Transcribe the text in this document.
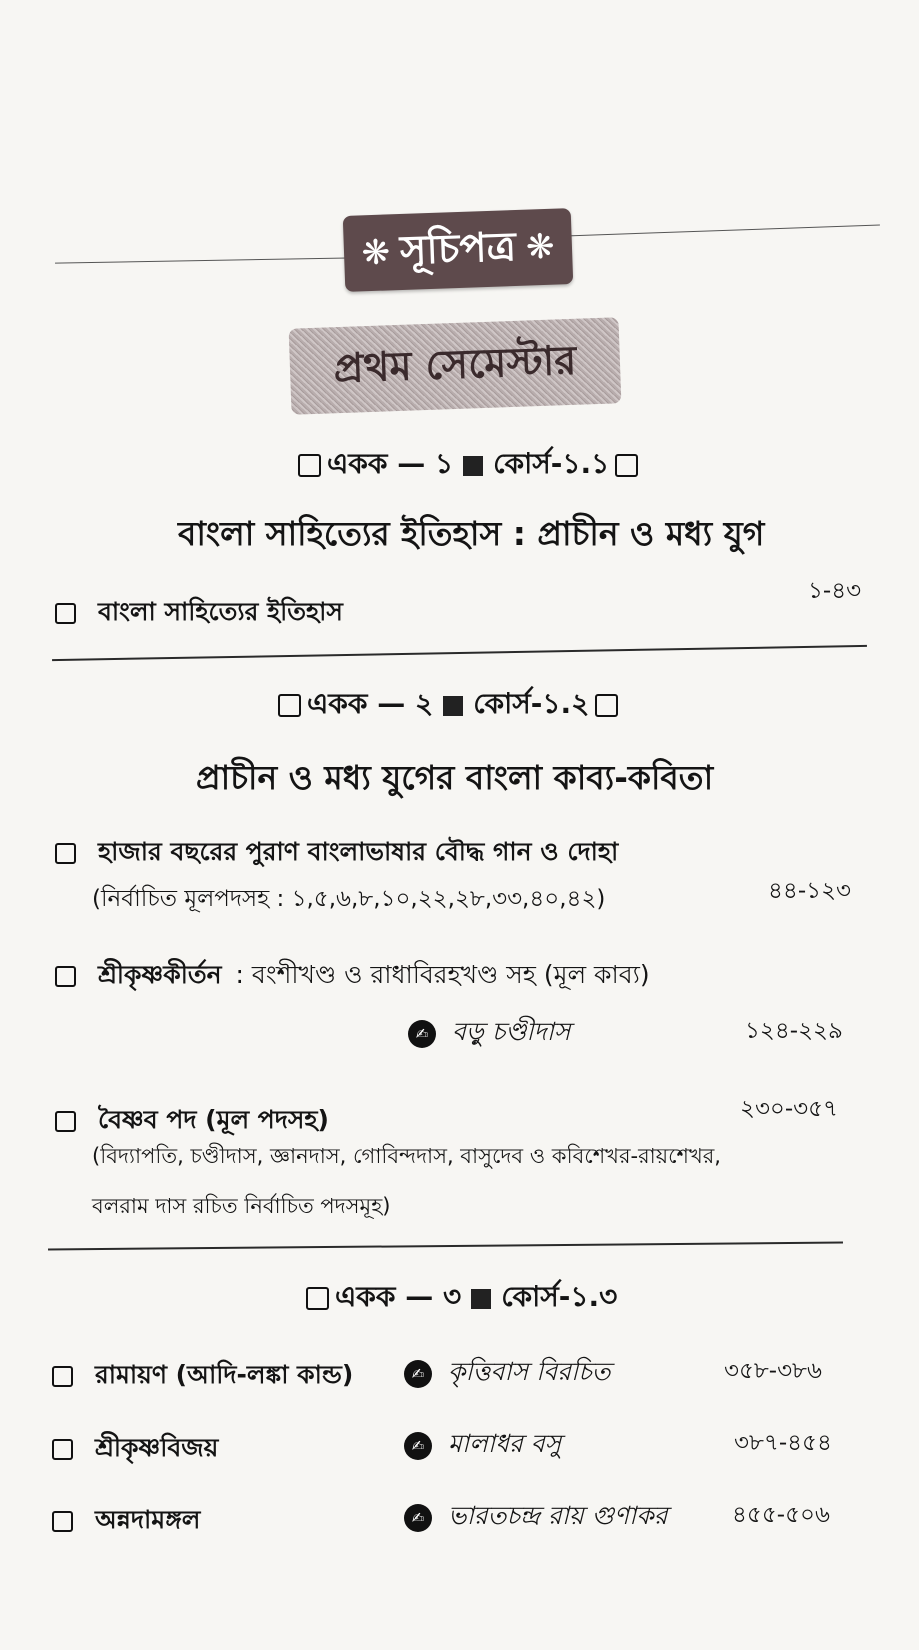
❋ সূচিপত্র ❋
প্রথম সেমেস্টার
একক — ১ কোর্স-১.১
বাংলা সাহিত্যের ইতিহাস : প্রাচীন ও মধ্য যুগ
বাংলা সাহিত্যের ইতিহাস
১-৪৩
একক — ২ কোর্স-১.২
প্রাচীন ও মধ্য যুগের বাংলা কাব্য-কবিতা
হাজার বছরের পুরাণ বাংলাভাষার বৌদ্ধ গান ও দোহা
(নির্বাচিত মূলপদসহ : ১,৫,৬,৮,১০,২২,২৮,৩৩,৪০,৪২)	৪৪-১২৩
শ্রীকৃষ্ণকীর্তন : বংশীখণ্ড ও রাধাবিরহখণ্ড সহ (মূল কাব্য)
✍ বড়ু চণ্ডীদাস	১২৪-২২৯
বৈষ্ণব পদ (মূল পদসহ)	২৩০-৩৫৭
(বিদ্যাপতি, চণ্ডীদাস, জ্ঞানদাস, গোবিন্দদাস, বাসুদেব ও কবিশেখর-রায়শেখর,
বলরাম দাস রচিত নির্বাচিত পদসমূহ)
একক — ৩ কোর্স-১.৩
রামায়ণ (আদি-লঙ্কা কান্ড)	✍ কৃত্তিবাস বিরচিত	৩৫৮-৩৮৬
শ্রীকৃষ্ণবিজয়	✍ মালাধর বসু	৩৮৭-৪৫৪
অন্নদামঙ্গল	✍ ভারতচন্দ্র রায় গুণাকর	৪৫৫-৫০৬
